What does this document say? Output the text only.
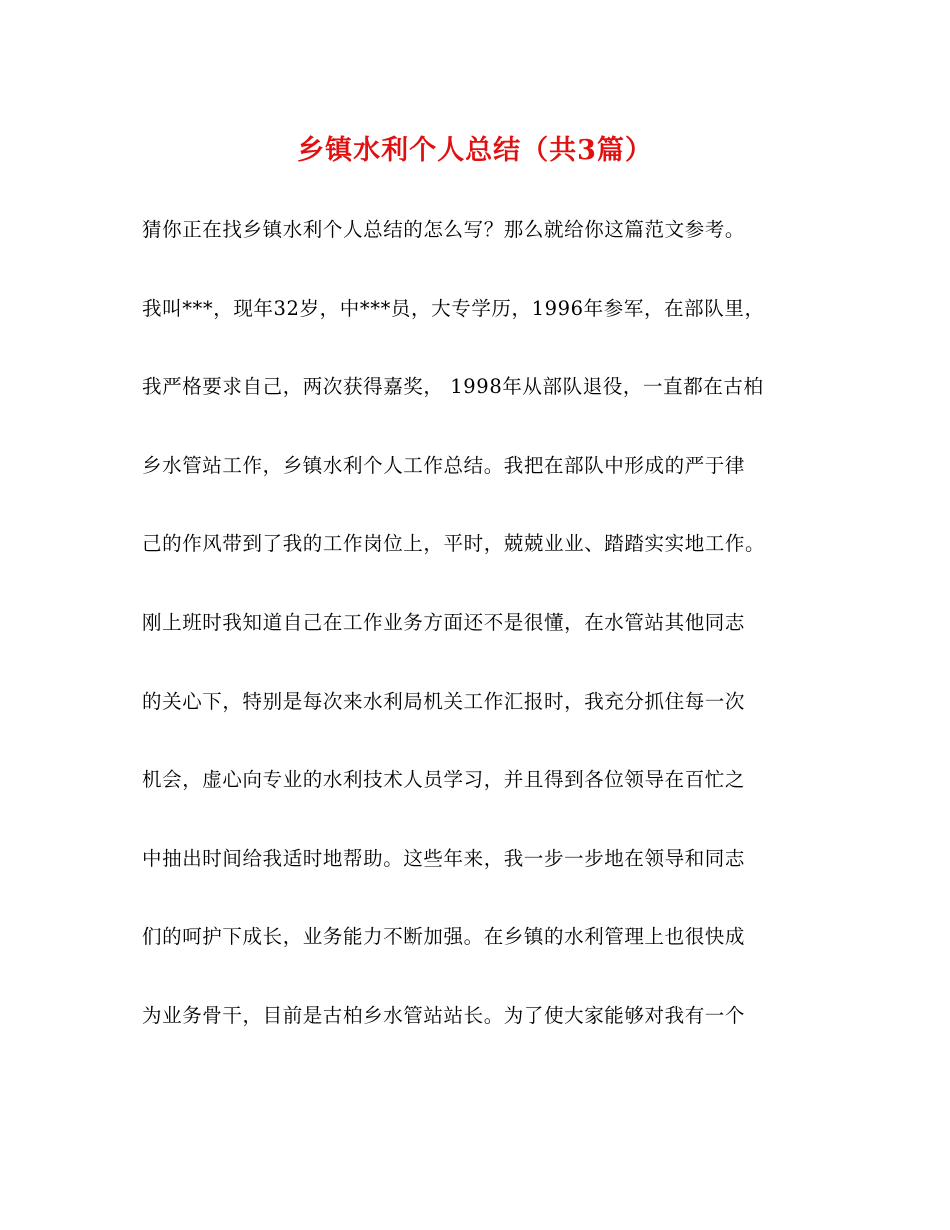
乡镇水利个人总结（共3篇）
猜你正在找乡镇水利个人总结的怎么写？那么就给你这篇范文参考。
我叫***，现年32岁，中***员，大专学历，1996年参军，在部队里，
我严格要求自己，两次获得嘉奖， 1998年从部队退役，一直都在古柏
乡水管站工作，乡镇水利个人工作总结。我把在部队中形成的严于律
己的作风带到了我的工作岗位上，平时，兢兢业业、踏踏实实地工作。
刚上班时我知道自己在工作业务方面还不是很懂，在水管站其他同志
的关心下，特别是每次来水利局机关工作汇报时，我充分抓住每一次
机会，虚心向专业的水利技术人员学习，并且得到各位领导在百忙之
中抽出时间给我适时地帮助。这些年来，我一步一步地在领导和同志
们的呵护下成长，业务能力不断加强。在乡镇的水利管理上也很快成
为业务骨干，目前是古柏乡水管站站长。为了使大家能够对我有一个
